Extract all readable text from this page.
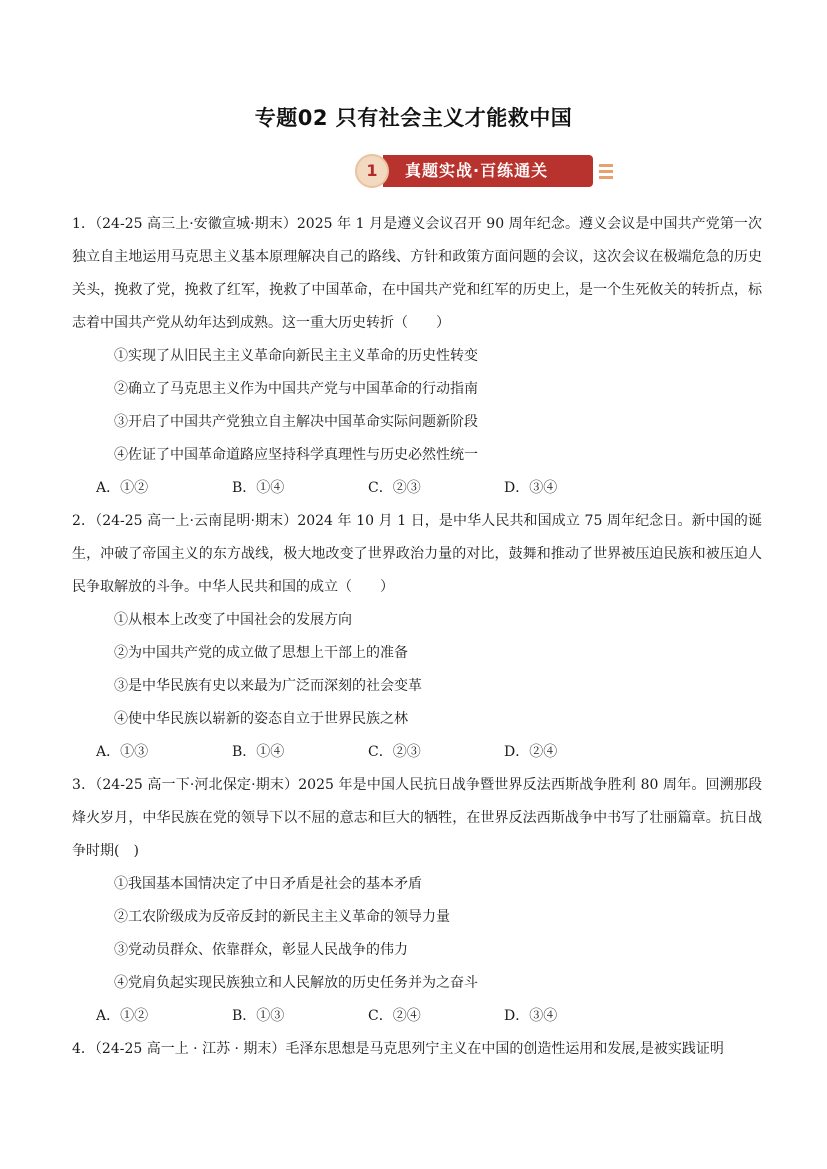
专题02 只有社会主义才能救中国
真题实战·百练通关
1

1．（24-25 高三上·安徽宣城·期末）2025 年 1 月是遵义会议召开 90 周年纪念。遵义会议是中国共产党第一次独立自主地运用马克思主义基本原理解决自己的路线、方针和政策方面问题的会议，这次会议在极端危急的历史关头，挽救了党，挽救了红军，挽救了中国革命，在中国共产党和红军的历史上，是一个生死攸关的转折点，标志着中国共产党从幼年达到成熟。这一重大历史转折（　　）

①实现了从旧民主主义革命向新民主主义革命的历史性转变

②确立了马克思主义作为中国共产党与中国革命的行动指南

③开启了中国共产党独立自主解决中国革命实际问题新阶段

④佐证了中国革命道路应坚持科学真理性与历史必然性统一

A．①②	B．①④	C．②③	D．③④

2．（24-25 高一上·云南昆明·期末）2024 年 10 月 1 日，是中华人民共和国成立 75 周年纪念日。新中国的诞生，冲破了帝国主义的东方战线，极大地改变了世界政治力量的对比，鼓舞和推动了世界被压迫民族和被压迫人民争取解放的斗争。中华人民共和国的成立（　　）

①从根本上改变了中国社会的发展方向

②为中国共产党的成立做了思想上干部上的准备

③是中华民族有史以来最为广泛而深刻的社会变革

④使中华民族以崭新的姿态自立于世界民族之林

A．①③	B．①④	C．②③	D．②④

3．（24-25 高一下·河北保定·期末）2025 年是中国人民抗日战争暨世界反法西斯战争胜利 80 周年。回溯那段烽火岁月，中华民族在党的领导下以不屈的意志和巨大的牺牲，在世界反法西斯战争中书写了壮丽篇章。抗日战争时期(　)

①我国基本国情决定了中日矛盾是社会的基本矛盾

②工农阶级成为反帝反封的新民主主义革命的领导力量

③党动员群众、依靠群众，彰显人民战争的伟力

④党肩负起实现民族独立和人民解放的历史任务并为之奋斗

A．①②	B．①③	C．②④	D．③④

4．（24-25 高一上 · 江苏 · 期末）毛泽东思想是马克思列宁主义在中国的创造性运用和发展,是被实践证明
